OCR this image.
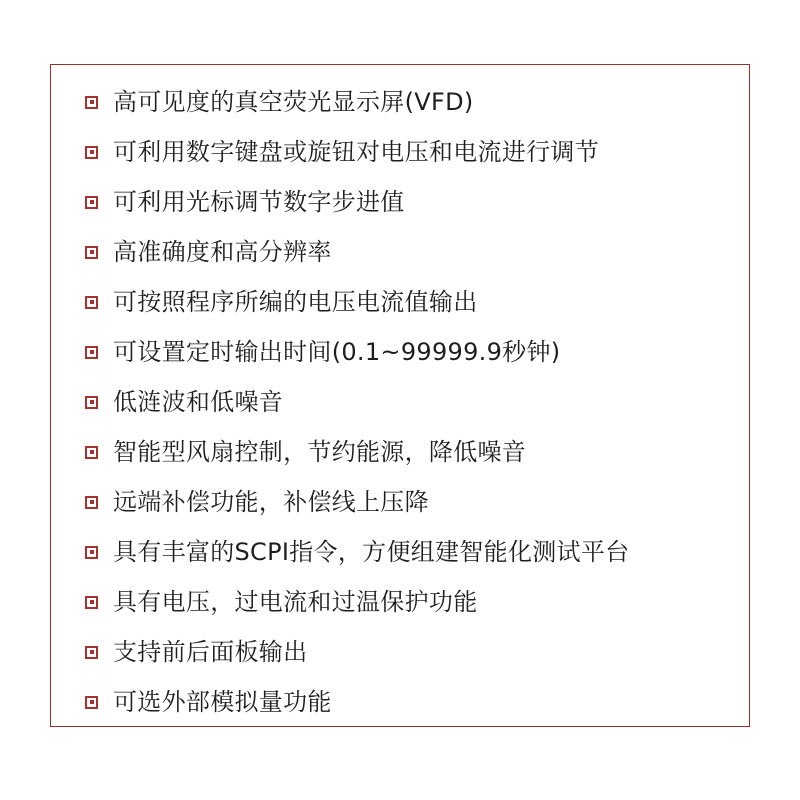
高可见度的真空荧光显示屏(VFD)
可利用数字键盘或旋钮对电压和电流进行调节
可利用光标调节数字步进值
高准确度和高分辨率
可按照程序所编的电压电流值输出
可设置定时输出时间(0.1~99999.9秒钟)
低涟波和低噪音
智能型风扇控制，节约能源，降低噪音
远端补偿功能，补偿线上压降
具有丰富的SCPI指令，方便组建智能化测试平台
具有电压，过电流和过温保护功能
支持前后面板输出
可选外部模拟量功能
